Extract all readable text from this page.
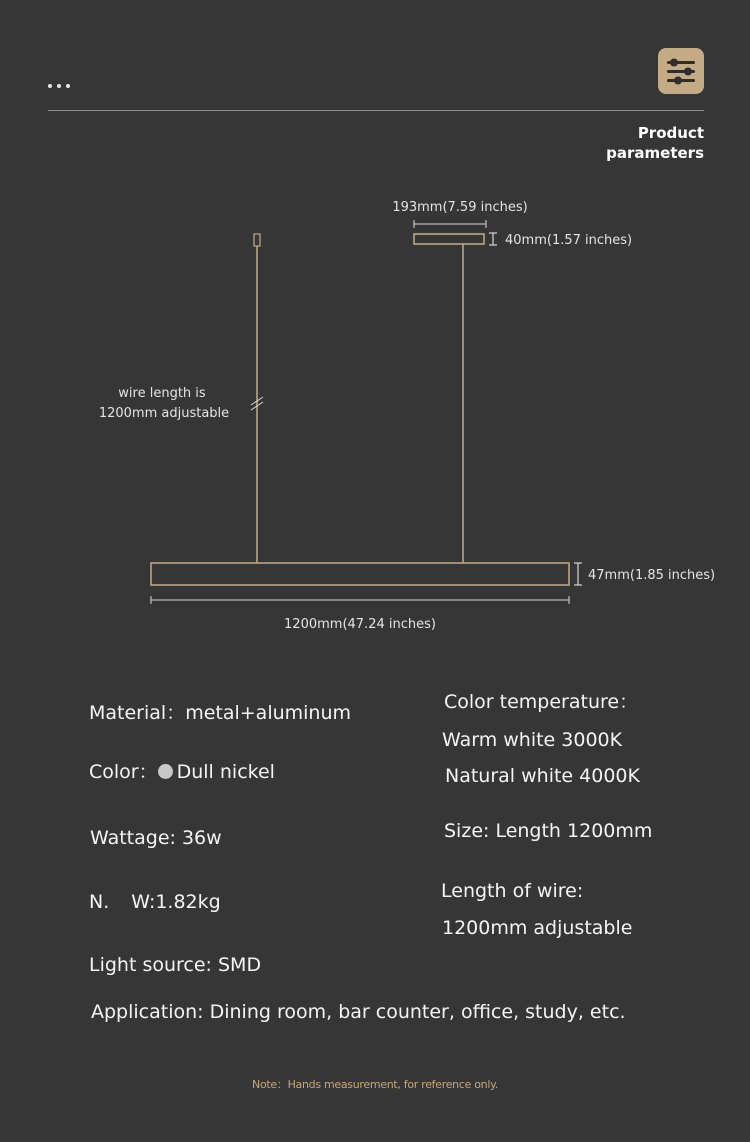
Product
parameters
193mm(7.59 inches)
40mm(1.57 inches)
wire length is
1200mm adjustable
47mm(1.85 inches)
1200mm(47.24 inches)
Material：metal+aluminum
Color： Dull nickel
Wattage: 36w
N. W:1.82kg
Light source: SMD
Application: Dining room, bar counter, office, study, etc.
Color temperature：
Warm white 3000K
Natural white 4000K
Size: Length 1200mm
Length of wire:
1200mm adjustable
Note：Hands measurement, for reference only.
